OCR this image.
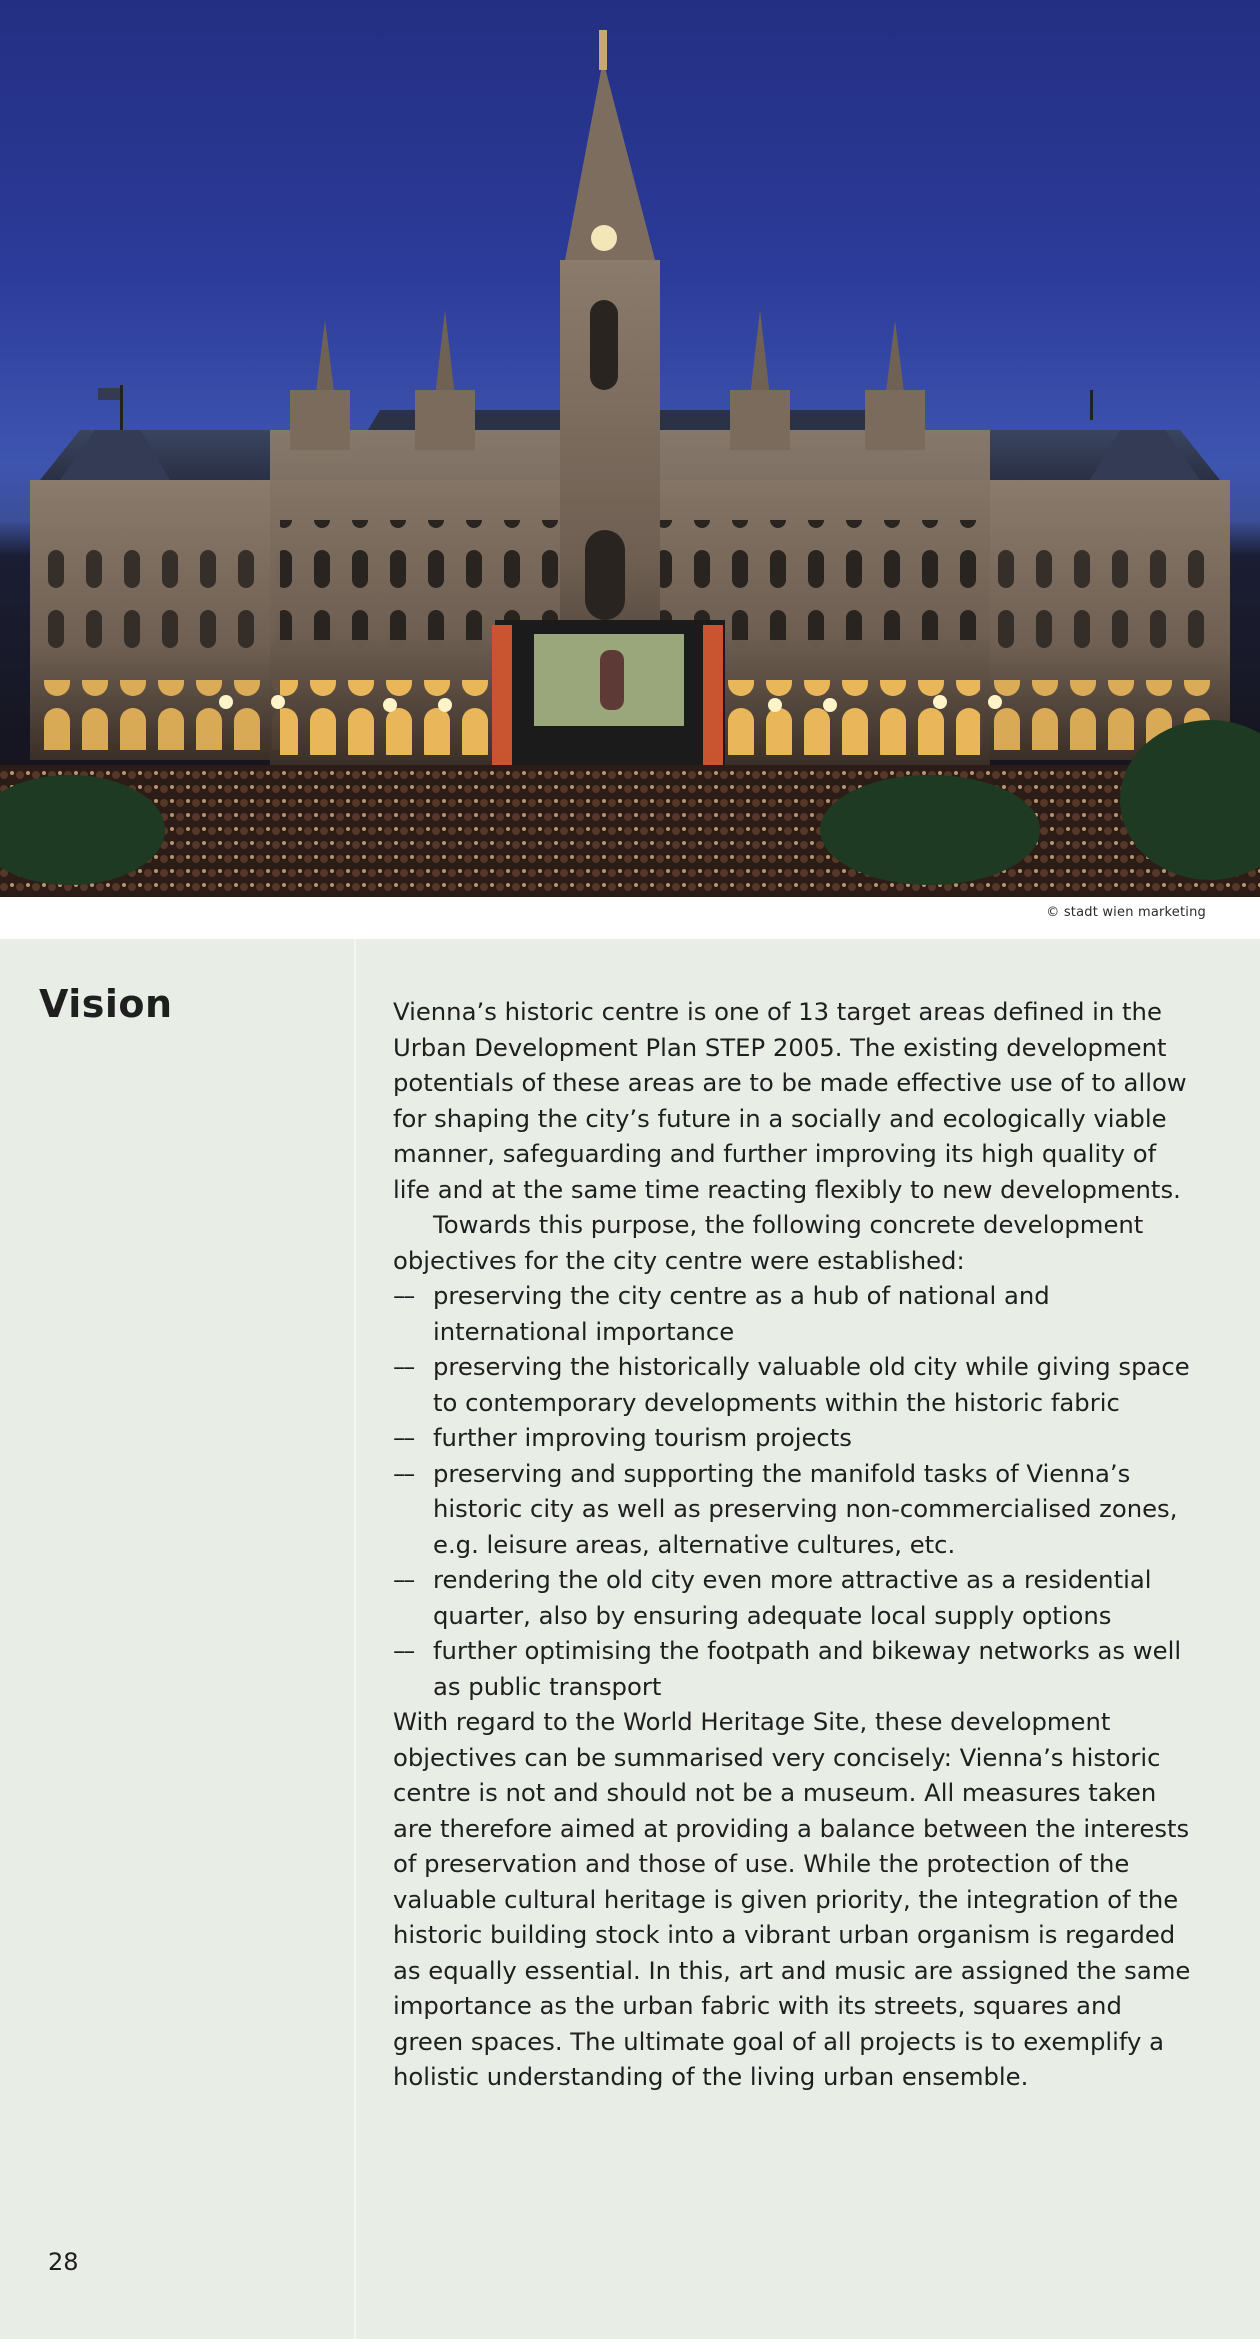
© stadt wien marketing
Vision	Vienna’s historic centre is one of 13 target areas defined in the Urban Development Plan STEP 2005. The existing development potentials of these areas are to be made effective use of to allow for shaping the city’s future in a socially and ecologically viable manner, safeguarding and further improving its high quality of life and at the same time reacting flexibly to new developments.

Towards this purpose, the following concrete development objectives for the city centre were established:

–– preserving the city centre as a hub of national and international importance
–– preserving the historically valuable old city while giving space to contemporary developments within the historic fabric
–– further improving tourism projects
–– preserving and supporting the manifold tasks of Vienna’s historic city as well as preserving non-commercialised zones, e.g. leisure areas, alternative cultures, etc.
–– rendering the old city even more attractive as a residential quarter, also by ensuring adequate local supply options
–– further optimising the footpath and bikeway networks as well as public transport

With regard to the World Heritage Site, these development objectives can be summarised very concisely: Vienna’s historic centre is not and should not be a museum. All measures taken are therefore aimed at providing a balance between the interests of preservation and those of use. While the protection of the valuable cultural heritage is given priority, the integration of the historic building stock into a vibrant urban organism is regarded as equally essential. In this, art and music are assigned the same importance as the urban fabric with its streets, squares and green spaces. The ultimate goal of all projects is to exemplify a holistic understanding of the living urban ensemble.

28
